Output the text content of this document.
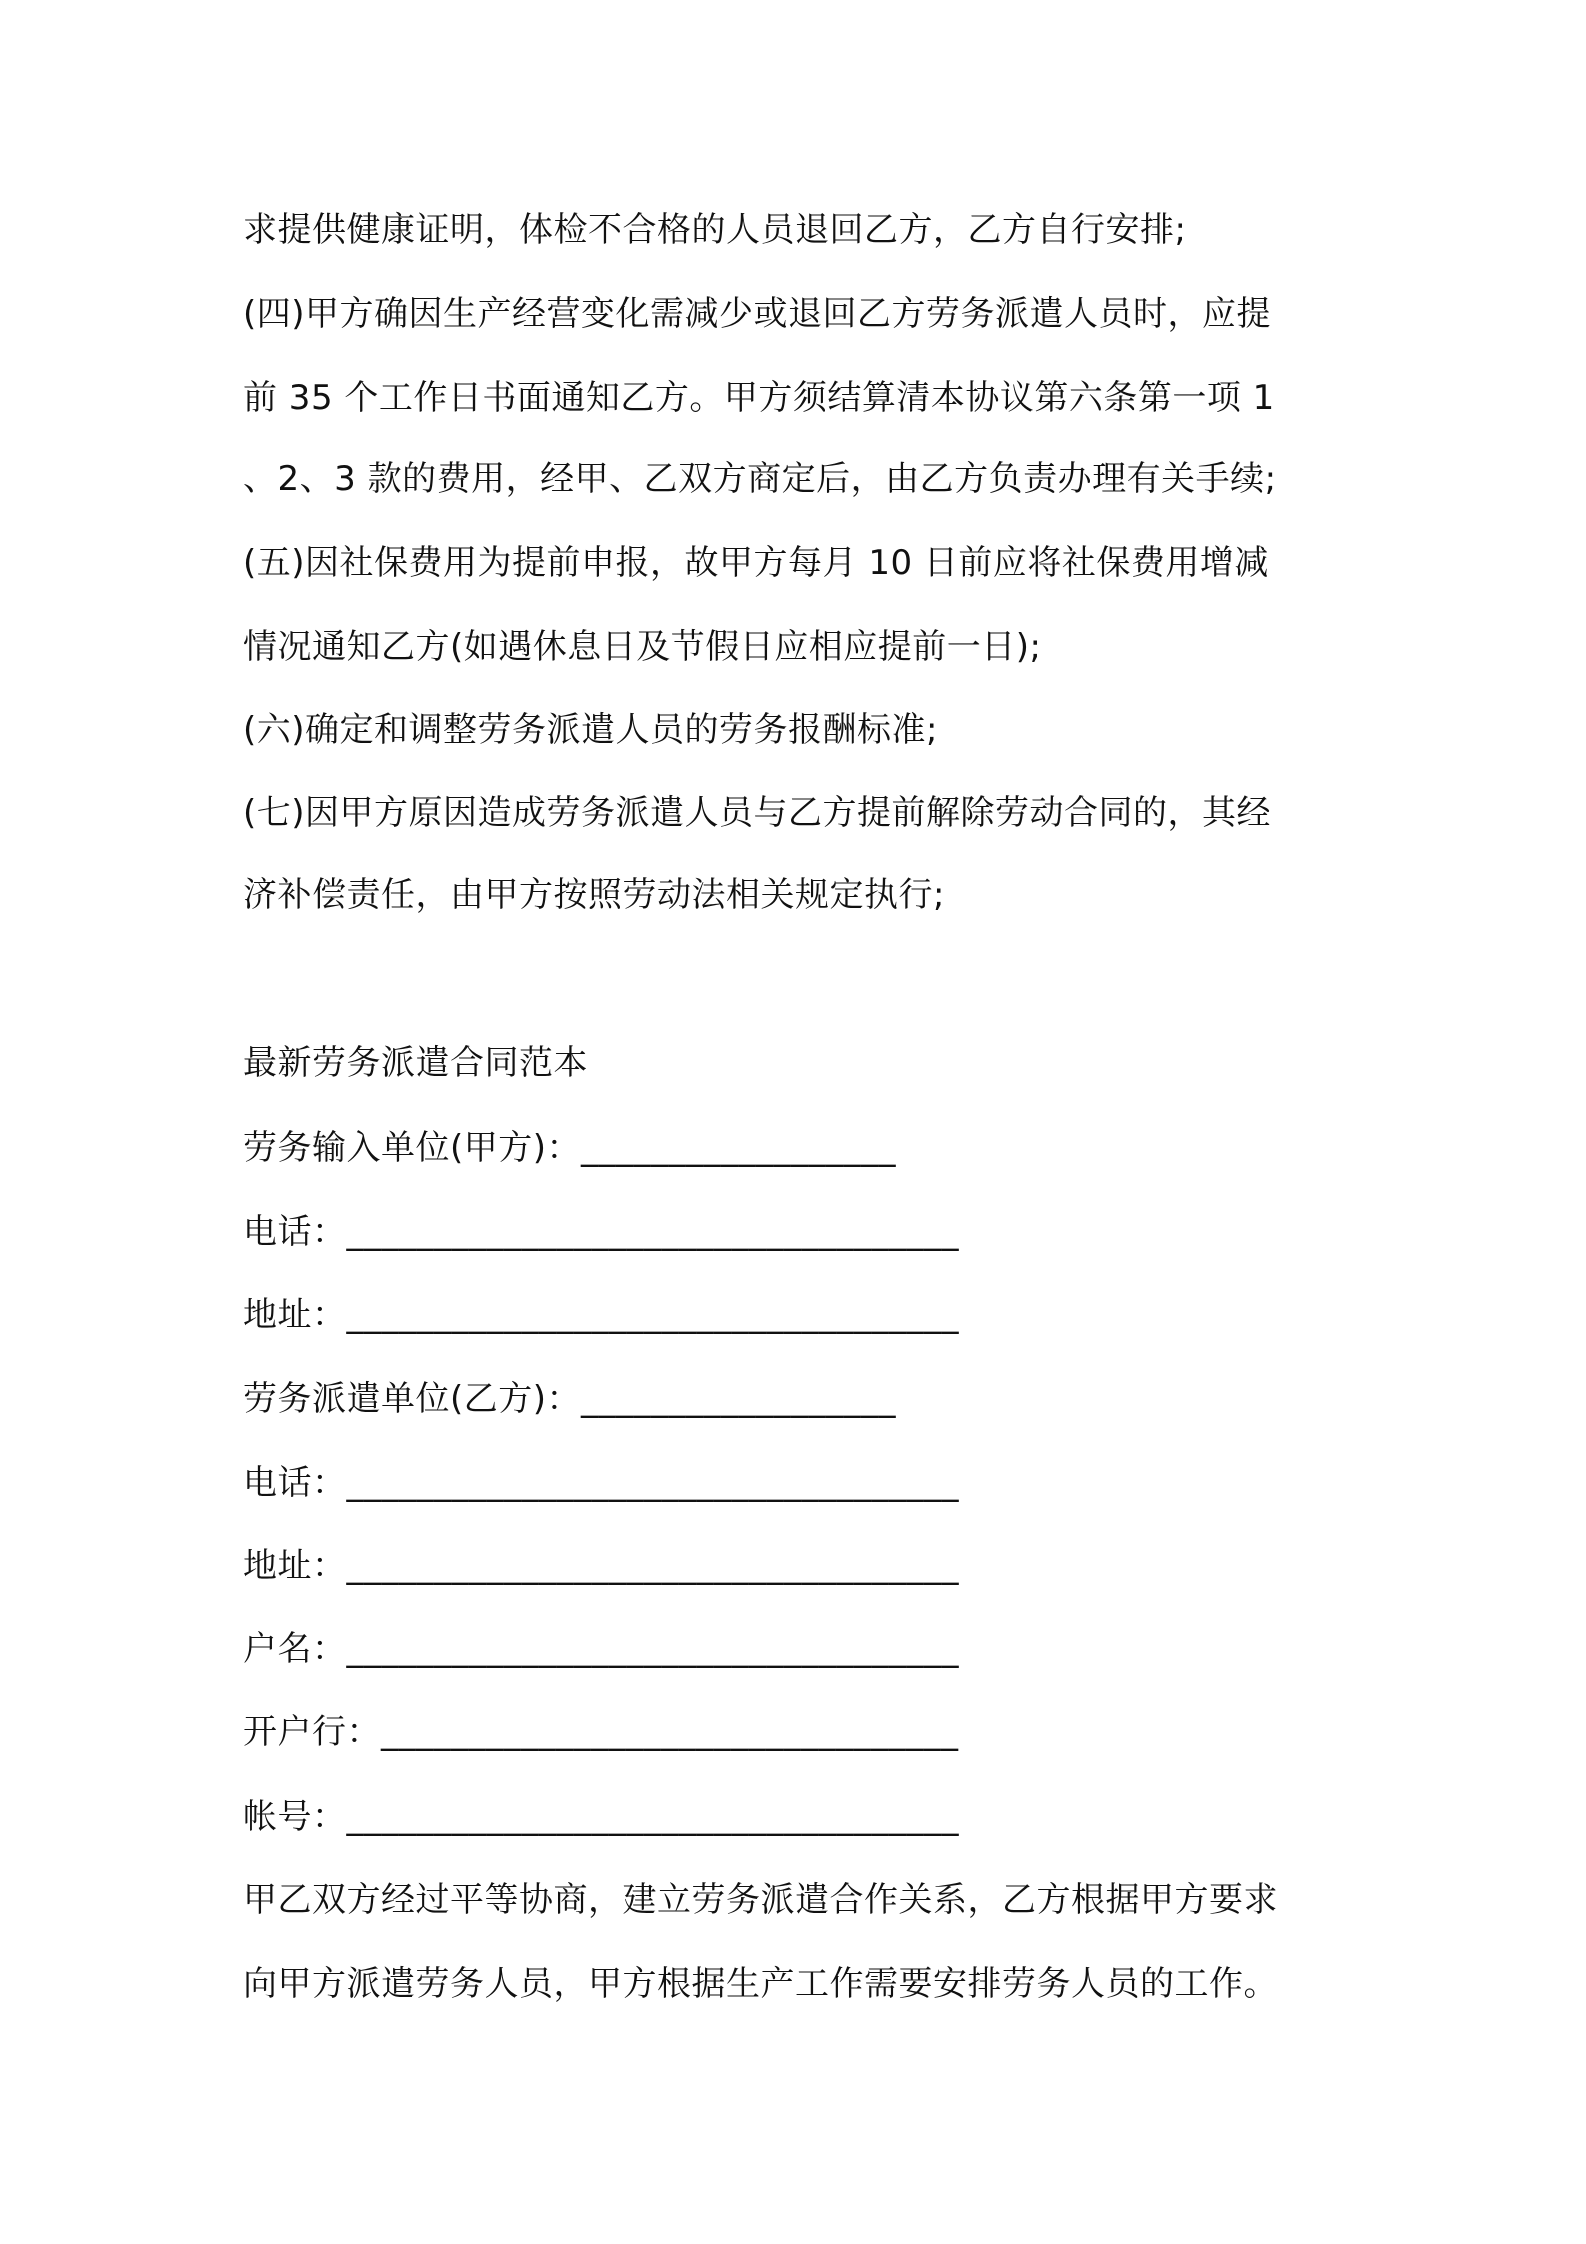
求提供健康证明，体检不合格的人员退回乙方，乙方自行安排;
(四)甲方确因生产经营变化需减少或退回乙方劳务派遣人员时，应提
前 35 个工作日书面通知乙方。甲方须结算清本协议第六条第一项 1
、2、3 款的费用，经甲、乙双方商定后，由乙方负责办理有关手续;
(五)因社保费用为提前申报，故甲方每月 10 日前应将社保费用增减
情况通知乙方(如遇休息日及节假日应相应提前一日);
(六)确定和调整劳务派遣人员的劳务报酬标准;
(七)因甲方原因造成劳务派遣人员与乙方提前解除劳动合同的，其经
济补偿责任，由甲方按照劳动法相关规定执行;
最新劳务派遣合同范本
劳务输入单位(甲方)：__________________
电话：___________________________________
地址：___________________________________
劳务派遣单位(乙方)：__________________
电话：___________________________________
地址：___________________________________
户名：___________________________________
开户行：_________________________________
帐号：___________________________________
甲乙双方经过平等协商，建立劳务派遣合作关系，乙方根据甲方要求
向甲方派遣劳务人员，甲方根据生产工作需要安排劳务人员的工作。
